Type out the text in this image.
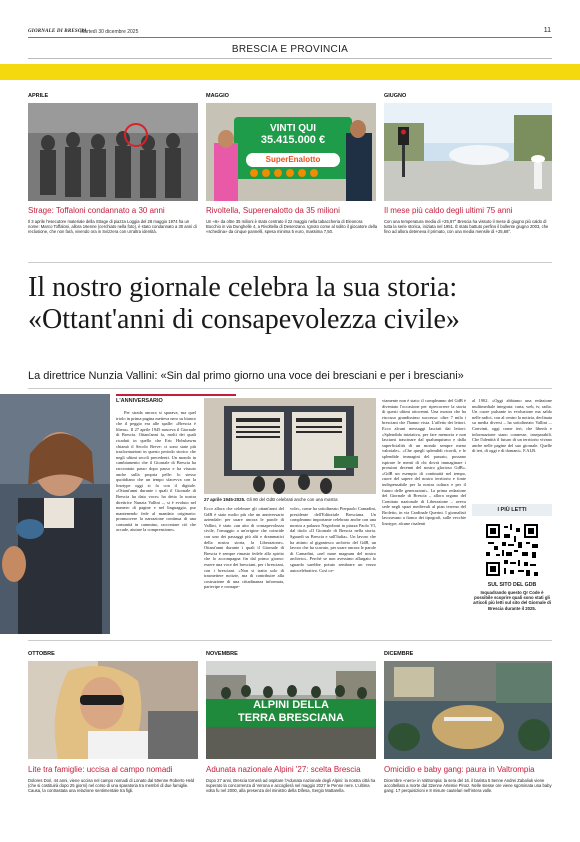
GIORNALE DI BRESCIA
Martedì 30 dicembre 2025	11
BRESCIA E PROVINCIA
APRILE
Strage: Toffaloni condannato a 30 anni
Il 3 aprile l'esecutore materiale della Strage di piazza Loggia del 28 maggio 1974 ha un nome: Marco Toffaloni, allora 16enne (cerchiato nella foto), è stato condannato a 30 anni di reclusione, che non farà, vivendo ora in Svizzera con un'altra identità.
MAGGIO
VINTI QUI
35.415.000 €
SuperEnalotto
Rivoltella, Superenalotto da 35 milioni
Un «6» da oltre 35 milioni è stato centrato il 22 maggio nella tabaccheria di Eleonora Bocchio in via Dunghelle 4, a Rivoltella di Desenzano. Ignoto come al solito il giocatore della «schedina» da cinque pannelli, spesa minima 5 euro, massima 7,50.
GIUGNO
Il mese più caldo degli ultimi 75 anni
Con una temperatura media di +25,97° Brescia ha vissuto il mese di giugno più caldo di tutta la serie storica, iniziata nel 1951. È stato battuto perfino il bollente giugno 2003, che fino ad allora deteneva il primato, con una media mensile di +25,68°.
Il nostro giornale celebra la sua storia:
«Ottant'anni di consapevolezza civile»
La direttrice Nunzia Vallini: «Sin dal primo giorno una voce dei bresciani e per i bresciani»
L'ANNIVERSARIO
Per strada ancora si sparava, ma quel triolo in prima pagina metteva nero su bianco che il peggio era alle spalle: «Brescia è libera». Il 27 aprile 1945 nasceva il Giornale di Brescia. Ottant'anni fa, molti dei quali ricaduti in quello che Eric Hobsbawm chiamò il Secolo Breve: ci sono state più trasformazioni in questo periodo storico che negli ultimi secoli precedenti. Un mondo in cambiamento che il Giornale di Brescia ha raccontato passo dopo passo e ha vissuto anche sulla propria pelle: lo stesso quotidiano che un tempo sfacevva con la linotype oggi si fa con il digitale. «Ottant'anni durante i quali il Giornale di Brescia ha dato voce» ha detto la nostra direttrice Nunzia Vallini –, si è evoluto nel numero di pagine e nel linguaggio, pur mantenendo fede al mandato originario: promuovere la narrazione continua di una comunità in cammino, raccontare ciò che accade, aiutare la comprensione».
27 aprile 1945-2025. Gli 80 del GdB celebrati anche con una mostra
Ecco allora che celebrare gli ottant'anni del GdB è stato molto più che un anniversario aziendale: per usare ancora le parole di Vallini, è stato «un atto di consapevolezza civile, l'omaggio a un'origine che coincide con uno dei passaggi più alti e drammatici della nostra storia, la Liberazione». Ottant'anni durante i quali il Giornale di Brescia è sempre rimasto fedele allo spirito che lo accompagna fin dal primo giorno: essere una voce dei bresciani, per i bresciani, con i bresciani. «Non si tratta solo di trasmettere notizie, ma di contribuire alla costruzione di una cittadinanza informata, partecipe e consape-
vole», come ha sottolineato Pierpaolo Camadini, presidente dell'Editoriale Bresciana. Un compleanno importante celebrato anche con una mostra a palazzo Negroboni in piazza Paolo VI, dal titolo «Il Giornale di Brescia nella storia. Sguardi su Brescia e sull'Italia». Un lavoro che ha attinto al gigantesco archivio del GdB, un lavoro che ha scavato, per usare ancora le parole di Camadini, «nel mare magnum del nostro archivio». Perché se non avessimo allargato lo sguardo sarebbe potuto sembrare un vezzo autocelebrativo. Così ov-
viamente non è stato: il compleanno del GdB è diventato l'occasione per ripercorrere la storia di questi ultimi ottocenni. Una mostra che ha riscosso grandissimo successo: oltre 7 mila i bresciani che l'hanno vista. L'affetto dei lettori. Ecco alcuni messaggi lasciati dai lettori: «Splendida iniziativa, per fare memoria e non lasciarsi trascinare dal qualunquismo e dalla superficialità di un mondo sempre meno valoriale». «Che quegli splendidi ricordi, e le splendide immagini del passato, possano ispirare le menti di chi dovrà immaginare i prossimi decenni del nostro glorioso GdB». «GdB un esempio di continuità nel tempo, cuore del sapere del nostro territorio e fonte indispensabile per la nostra cultura e per il futuro delle generazioni». La prima redazione del Giornale di Brescia – allora organo del Comitato nazionale di Liberazione – aveva sede negli spazi medievali al pian terreno del Broletto, in via Cardinale Querini. I giornalisti lavoravano a fianco dei tipografi, sulle vecchie linotype, alcune risalenti
al 1902. «Oggi abbiamo una redazione multimediale integrata: carta, web, tv, radio. Un cuore pulsante in evoluzione ma saldo nelle radici, con al centro la notizia, declinata su media diversi – ha sottolineato Vallini –. Convinti, oggi come ieri, che libertà e informazione siano connesse, inseparabili. Che l'identità il futuro di un territorio vivano anche nelle pagine del suo giornale. Quelle di ieri, di oggi e di domani». F.ALB.
I PIÙ LETTI
SUL SITO DEL GDB
Inquadrando questo Qr Code è possibile scoprire quali sono stati gli articoli più letti sul sito del Giornale di Brescia durante il 2025.
OTTOBRE
Lite tra famiglie: uccisa al campo nomadi
Dolores Dori, 44 anni, viene uccisa nel campo nomadi di Lonato dal 50enne Roberto Held (che si costituirà dopo 25 giorni) nel corso di una sparatoria tra membri di due famiglie. Causa, la contrastata una relazione sentimentale tra figli.
NOVEMBRE
ALPINI DELLA
TERRA BRESCIANA
Adunata nazionale Alpini '27: scelta Brescia
Dopo 27 anni, Brescia tornerà ad ospitare l'Adunata nazionale degli Alpini: la nostra città ha superato la concorrenza di Verona e accoglierà nel maggio 2027 le Penne nere. L'ultima volta fu nel 2000, alla presenza del ministro della Difesa, Sergio Mattarella.
DICEMBRE
Omicidio e baby gang: paura in Valtrompia
Dicembre «nero» in Valtrompia: la sera del 16. il barista 5 5enne Andrei Zabaliuk viene accoltellato a morte dal 32enne Artemie Pinoz. Nelle stesse ore viene sgominata una baby gang: 17 perquisizioni e 8 misure cautelari nell'intera valle.
